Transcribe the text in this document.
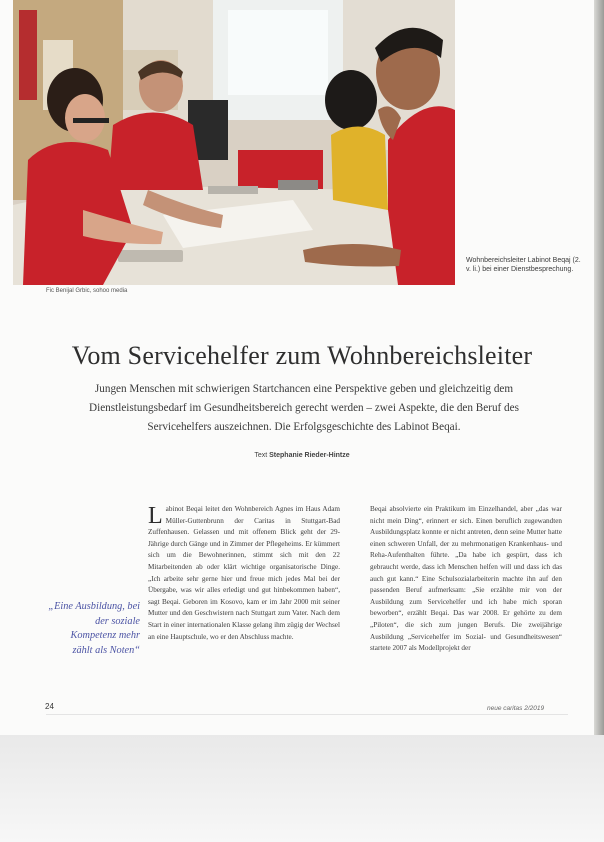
Wohnbereichsleiter Labinot Beqaj (2. v. li.) bei einer Dienstbesprechung.
Fic Benijal Grbic, sohoo media
Vom Servicehelfer zum Wohnbereichsleiter

Jungen Menschen mit schwierigen Startchancen eine Perspektive geben und gleichzeitig dem Dienstleistungsbedarf im Gesundheitsbereich gerecht werden – zwei Aspekte, die den Beruf des Servicehelfers auszeichnen. Die Erfolgsgeschichte des Labinot Beqai.

Text Stephanie Rieder-Hintze

„Eine Ausbildung, bei der soziale Kompetenz mehr zählt als Noten“

Labinot Beqai leitet den Wohnbereich Agnes im Haus Adam Müller-Guttenbrunn der Caritas in Stuttgart-Bad Zuffenhausen. Gelassen und mit offenem Blick geht der 29-Jährige durch Gänge und in Zimmer der Pflegeheims. Er kümmert sich um die Bewohnerinnen, stimmt sich mit den 22 Mitarbeitenden ab oder klärt wichtige organisatorische Dinge. „Ich arbeite sehr gerne hier und freue mich jedes Mal bei der Übergabe, was wir alles erledigt und gut hinbekommen haben“, sagt Beqai. Geboren im Kosovo, kam er im Jahr 2000 mit seiner Mutter und den Geschwistern nach Stuttgart zum Vater. Nach dem Start in einer internationalen Klasse gelang ihm zügig der Wechsel an eine Hauptschule, wo er den Abschluss machte.

Beqai absolvierte ein Praktikum im Einzelhandel, aber „das war nicht mein Ding“, erinnert er sich. Einen beruflich zugewandten Ausbildungsplatz konnte er nicht antreten, denn seine Mutter hatte einen schweren Unfall, der zu mehrmonatigen Krankenhaus- und Reha-Aufenthalten führte. „Da habe ich gespürt, dass ich gebraucht werde, dass ich Menschen helfen will und dass ich das auch gut kann.“ Eine Schulsozialarbeiterin machte ihn auf den passenden Beruf aufmerksam: „Sie erzählte mir von der Ausbildung zum Servicehelfer und ich habe mich sporan beworben“, erzählt Beqai. Das war 2008. Er gehörte zu dem „Piloten“, die sich zum jungen Berufs. Die zweijährige Ausbildung „Servicehelfer im Sozial- und Gesundheitswesen“ startete 2007 als Modellprojekt der

24	neue caritas 2/2019
